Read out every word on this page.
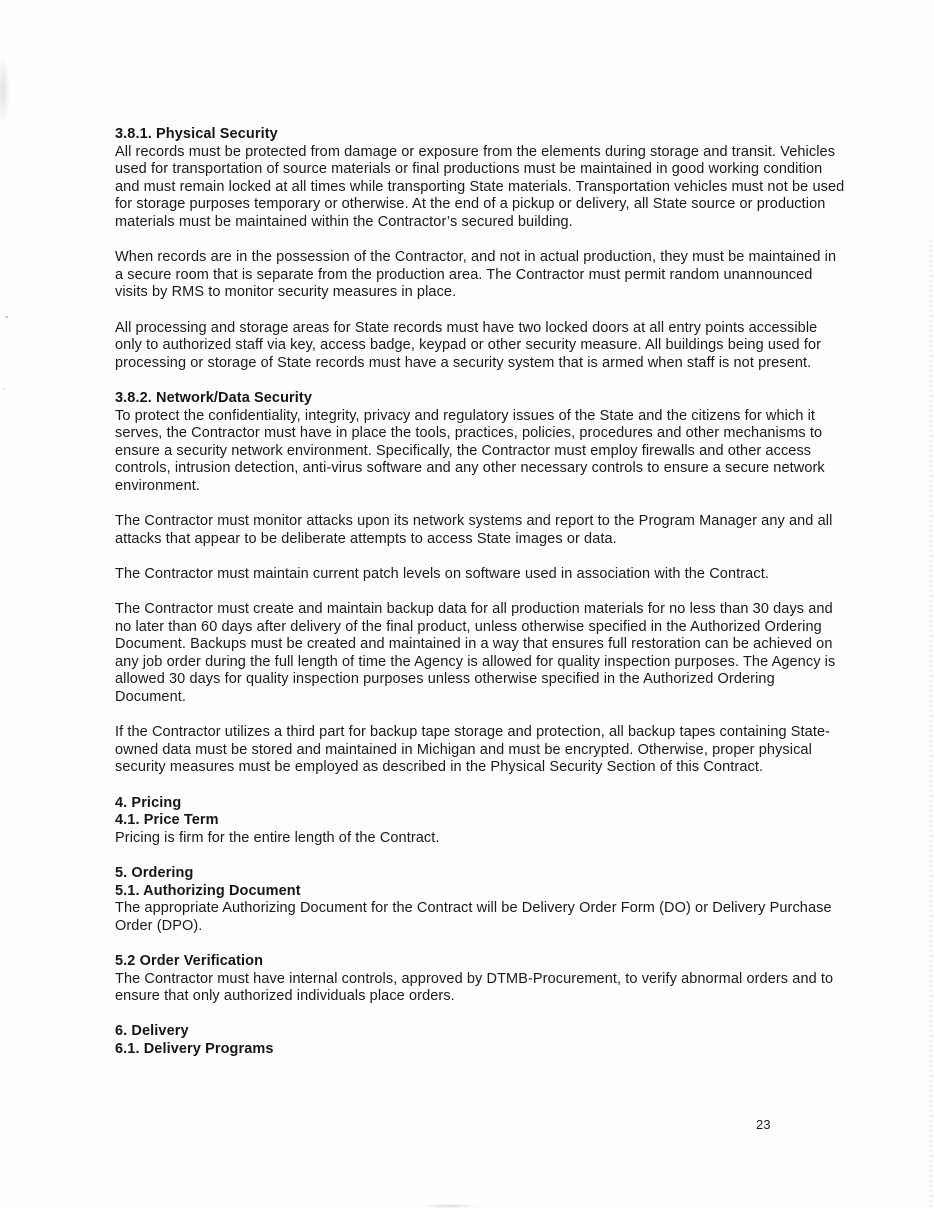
3.8.1. Physical Security

All records must be protected from damage or exposure from the elements during storage and transit. Vehicles used for transportation of source materials or final productions must be maintained in good working condition and must remain locked at all times while transporting State materials. Transportation vehicles must not be used for storage purposes temporary or otherwise. At the end of a pickup or delivery, all State source or production materials must be maintained within the Contractor’s secured building.

When records are in the possession of the Contractor, and not in actual production, they must be maintained in a secure room that is separate from the production area. The Contractor must permit random unannounced visits by RMS to monitor security measures in place.

All processing and storage areas for State records must have two locked doors at all entry points accessible only to authorized staff via key, access badge, keypad or other security measure. All buildings being used for processing or storage of State records must have a security system that is armed when staff is not present.

3.8.2. Network/Data Security

To protect the confidentiality, integrity, privacy and regulatory issues of the State and the citizens for which it serves, the Contractor must have in place the tools, practices, policies, procedures and other mechanisms to ensure a security network environment. Specifically, the Contractor must employ firewalls and other access controls, intrusion detection, anti-virus software and any other necessary controls to ensure a secure network environment.

The Contractor must monitor attacks upon its network systems and report to the Program Manager any and all attacks that appear to be deliberate attempts to access State images or data.

The Contractor must maintain current patch levels on software used in association with the Contract.

The Contractor must create and maintain backup data for all production materials for no less than 30 days and no later than 60 days after delivery of the final product, unless otherwise specified in the Authorized Ordering Document. Backups must be created and maintained in a way that ensures full restoration can be achieved on any job order during the full length of time the Agency is allowed for quality inspection purposes. The Agency is allowed 30 days for quality inspection purposes unless otherwise specified in the Authorized Ordering Document.

If the Contractor utilizes a third part for backup tape storage and protection, all backup tapes containing State-owned data must be stored and maintained in Michigan and must be encrypted. Otherwise, proper physical security measures must be employed as described in the Physical Security Section of this Contract.

4. Pricing
4.1. Price Term

Pricing is firm for the entire length of the Contract.

5. Ordering
5.1. Authorizing Document

The appropriate Authorizing Document for the Contract will be Delivery Order Form (DO) or Delivery Purchase Order (DPO).

5.2 Order Verification

The Contractor must have internal controls, approved by DTMB-Procurement, to verify abnormal orders and to ensure that only authorized individuals place orders.

6. Delivery
6.1. Delivery Programs
23
